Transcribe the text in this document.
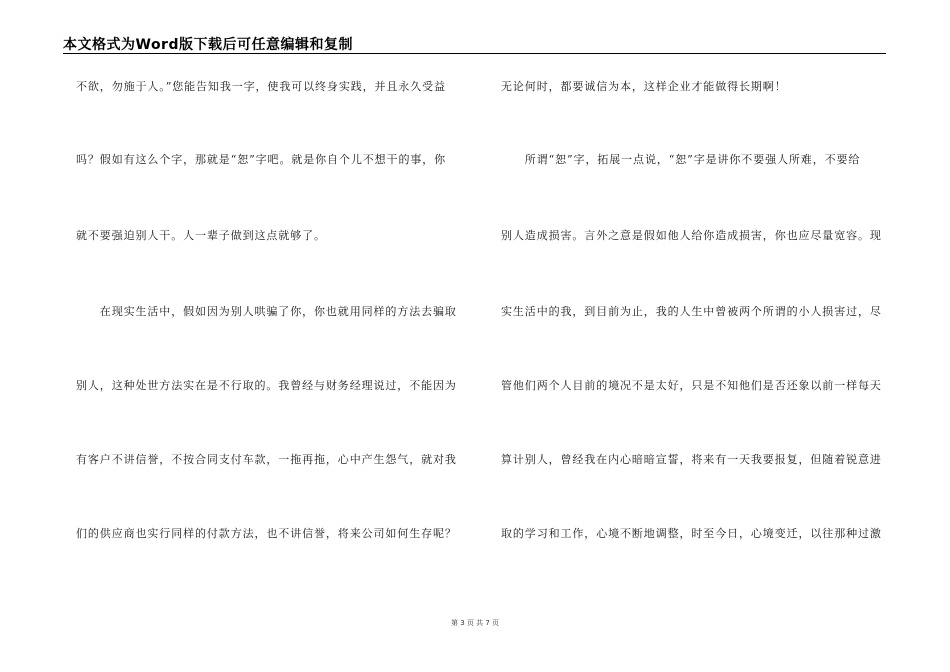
本文格式为Word版下载后可任意编辑和复制
不欲，勿施于人。”您能告知我一字，使我可以终身实践，并且永久受益
吗？假如有这么个字，那就是“恕”字吧。就是你自个儿不想干的事，你
就不要强迫别人干。人一辈子做到这点就够了。
　　在现实生活中，假如因为别人哄骗了你，你也就用同样的方法去骗取
别人，这种处世方法实在是不行取的。我曾经与财务经理说过，不能因为
有客户不讲信誉，不按合同支付车款，一拖再拖，心中产生怨气，就对我
们的供应商也实行同样的付款方法，也不讲信誉，将来公司如何生存呢？
无论何时，都要诚信为本，这样企业才能做得长期啊！
　　所谓“恕”字，拓展一点说，“恕”字是讲你不要强人所难，不要给
别人造成损害。言外之意是假如他人给你造成损害，你也应尽量宽容。现
实生活中的我，到目前为止，我的人生中曾被两个所谓的小人损害过，尽
管他们两个人目前的境况不是太好，只是不知他们是否还象以前一样每天
算计别人，曾经我在内心暗暗宣誓，将来有一天我要报复，但随着锐意进
取的学习和工作，心境不断地调整，时至今日，心境变迁，以往那种过激
第 3 页 共 7 页
